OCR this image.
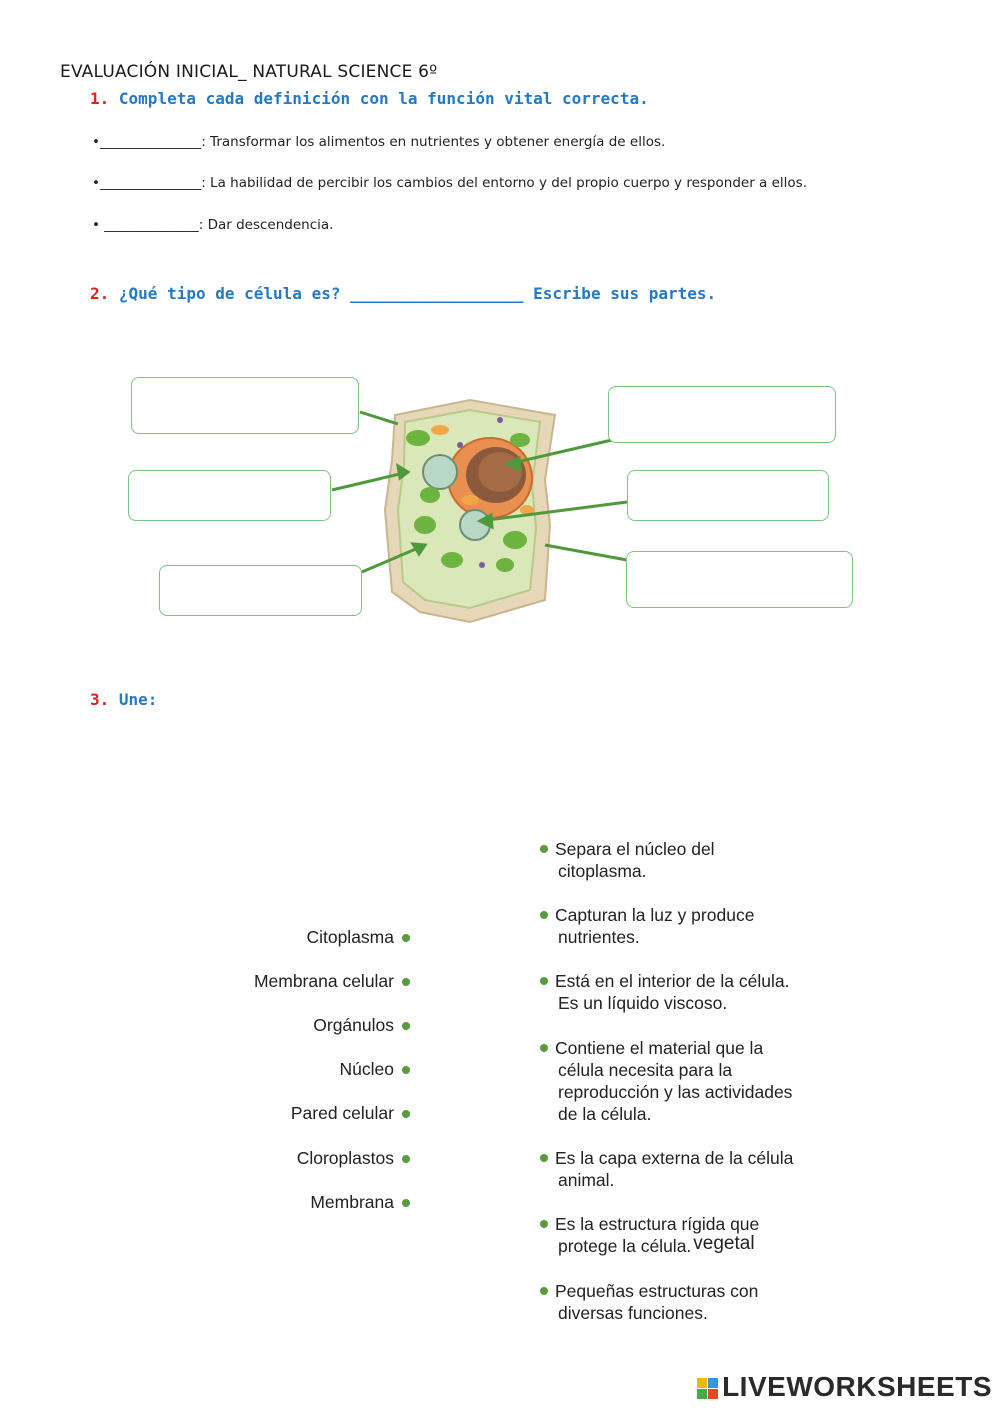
EVALUACIÓN INICIAL_ NATURAL SCIENCE 6º
1. Completa cada definición con la función vital correcta.
•_______________: Transformar los alimentos en nutrientes y obtener energía de ellos.
•_______________: La habilidad de percibir los cambios del entorno y del propio cuerpo y responder a ellos.
• ______________: Dar descendencia.
2. ¿Qué tipo de célula es? __________________ Escribe sus partes.
3. Une:
Citoplasma
Membrana celular
Orgánulos
Núcleo
Pared celular
Cloroplastos
Membrana
Separa el núcleo del
citoplasma.
Capturan la luz y produce
nutrientes.
Está en el interior de la célula.
Es un líquido viscoso.
Contiene el material que la
célula necesita para la
reproducción y las actividades
de la célula.
Es la capa externa de la célula
animal.
Es la estructura rígida que
protege la célula. vegetal
Pequeñas estructuras con
diversas funciones.
LIVEWORKSHEETS
